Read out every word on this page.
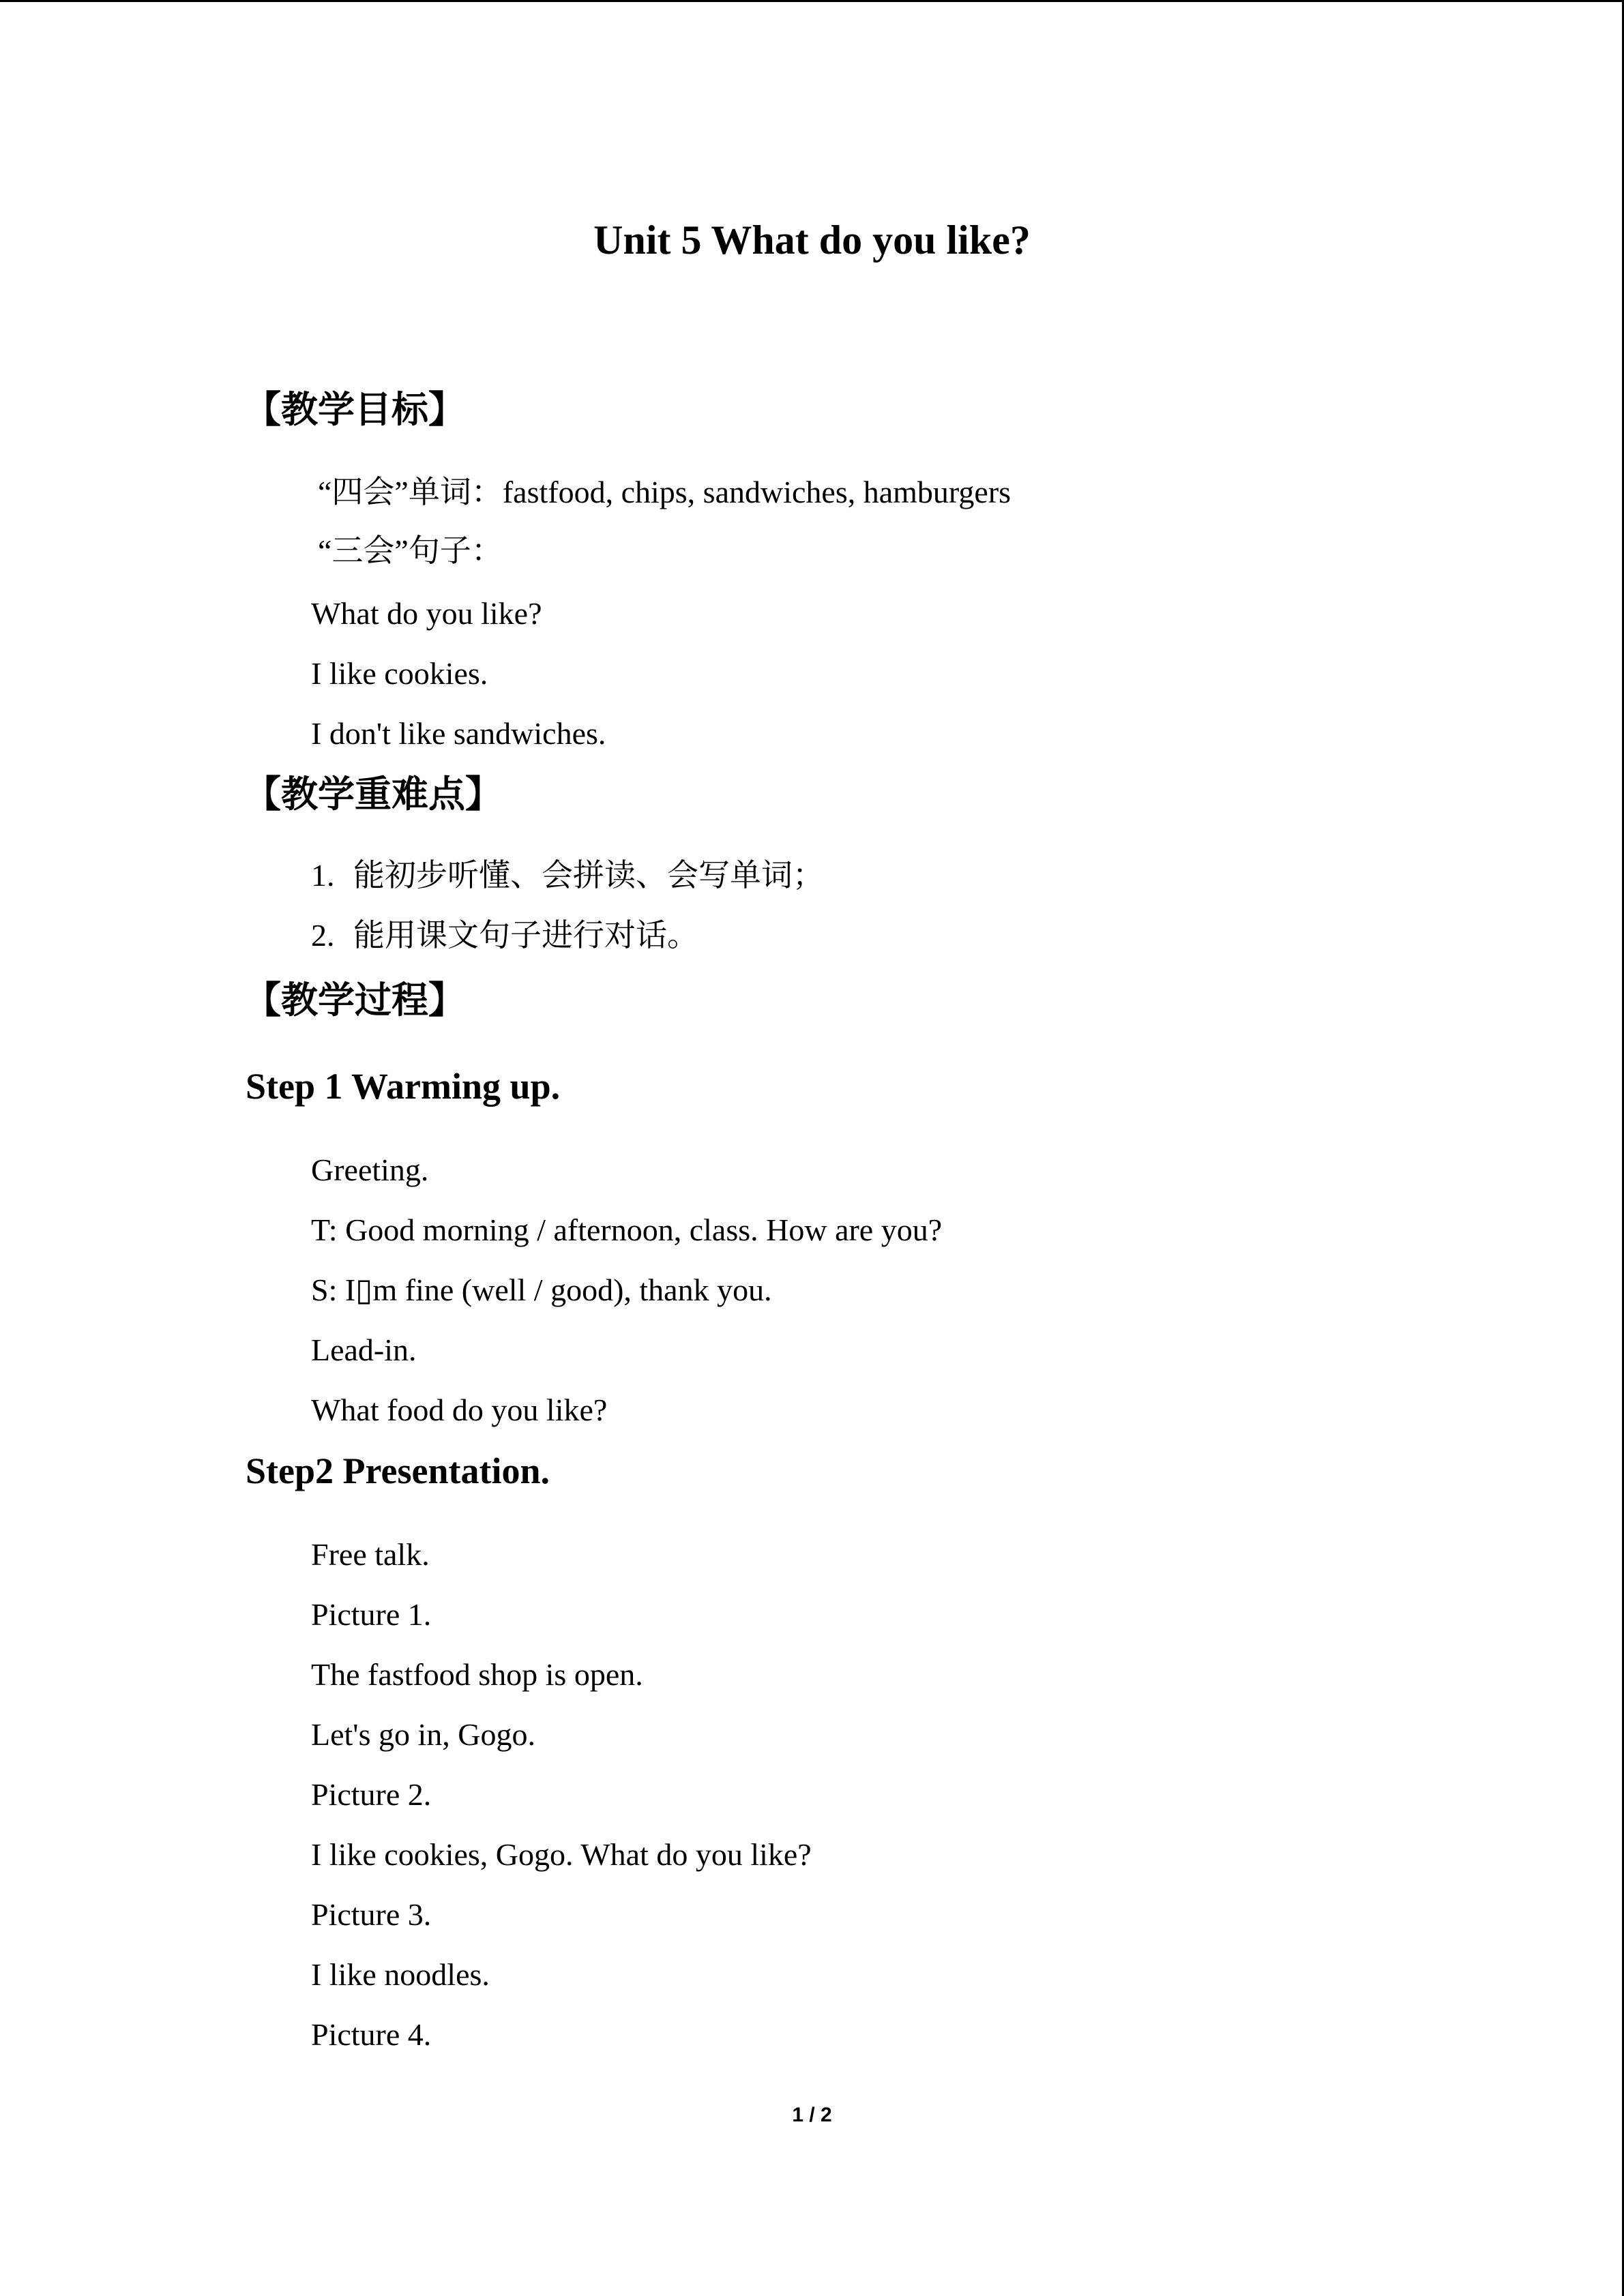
Unit 5 What do you like?
【教学目标】
“四会”单词：fastfood, chips, sandwiches, hamburgers
“三会”句子：
What do you like?
I like cookies.
I don't like sandwiches.
【教学重难点】
1. 能初步听懂、会拼读、会写单词；
2. 能用课文句子进行对话。
【教学过程】
Step 1 Warming up.
Greeting.
T: Good morning / afternoon, class. How are you?
S: I▯m fine (well / good), thank you.
Lead-in.
What food do you like?
Step2 Presentation.
Free talk.
Picture 1.
The fastfood shop is open.
Let's go in, Gogo.
Picture 2.
I like cookies, Gogo. What do you like?
Picture 3.
I like noodles.
Picture 4.
1 / 2
